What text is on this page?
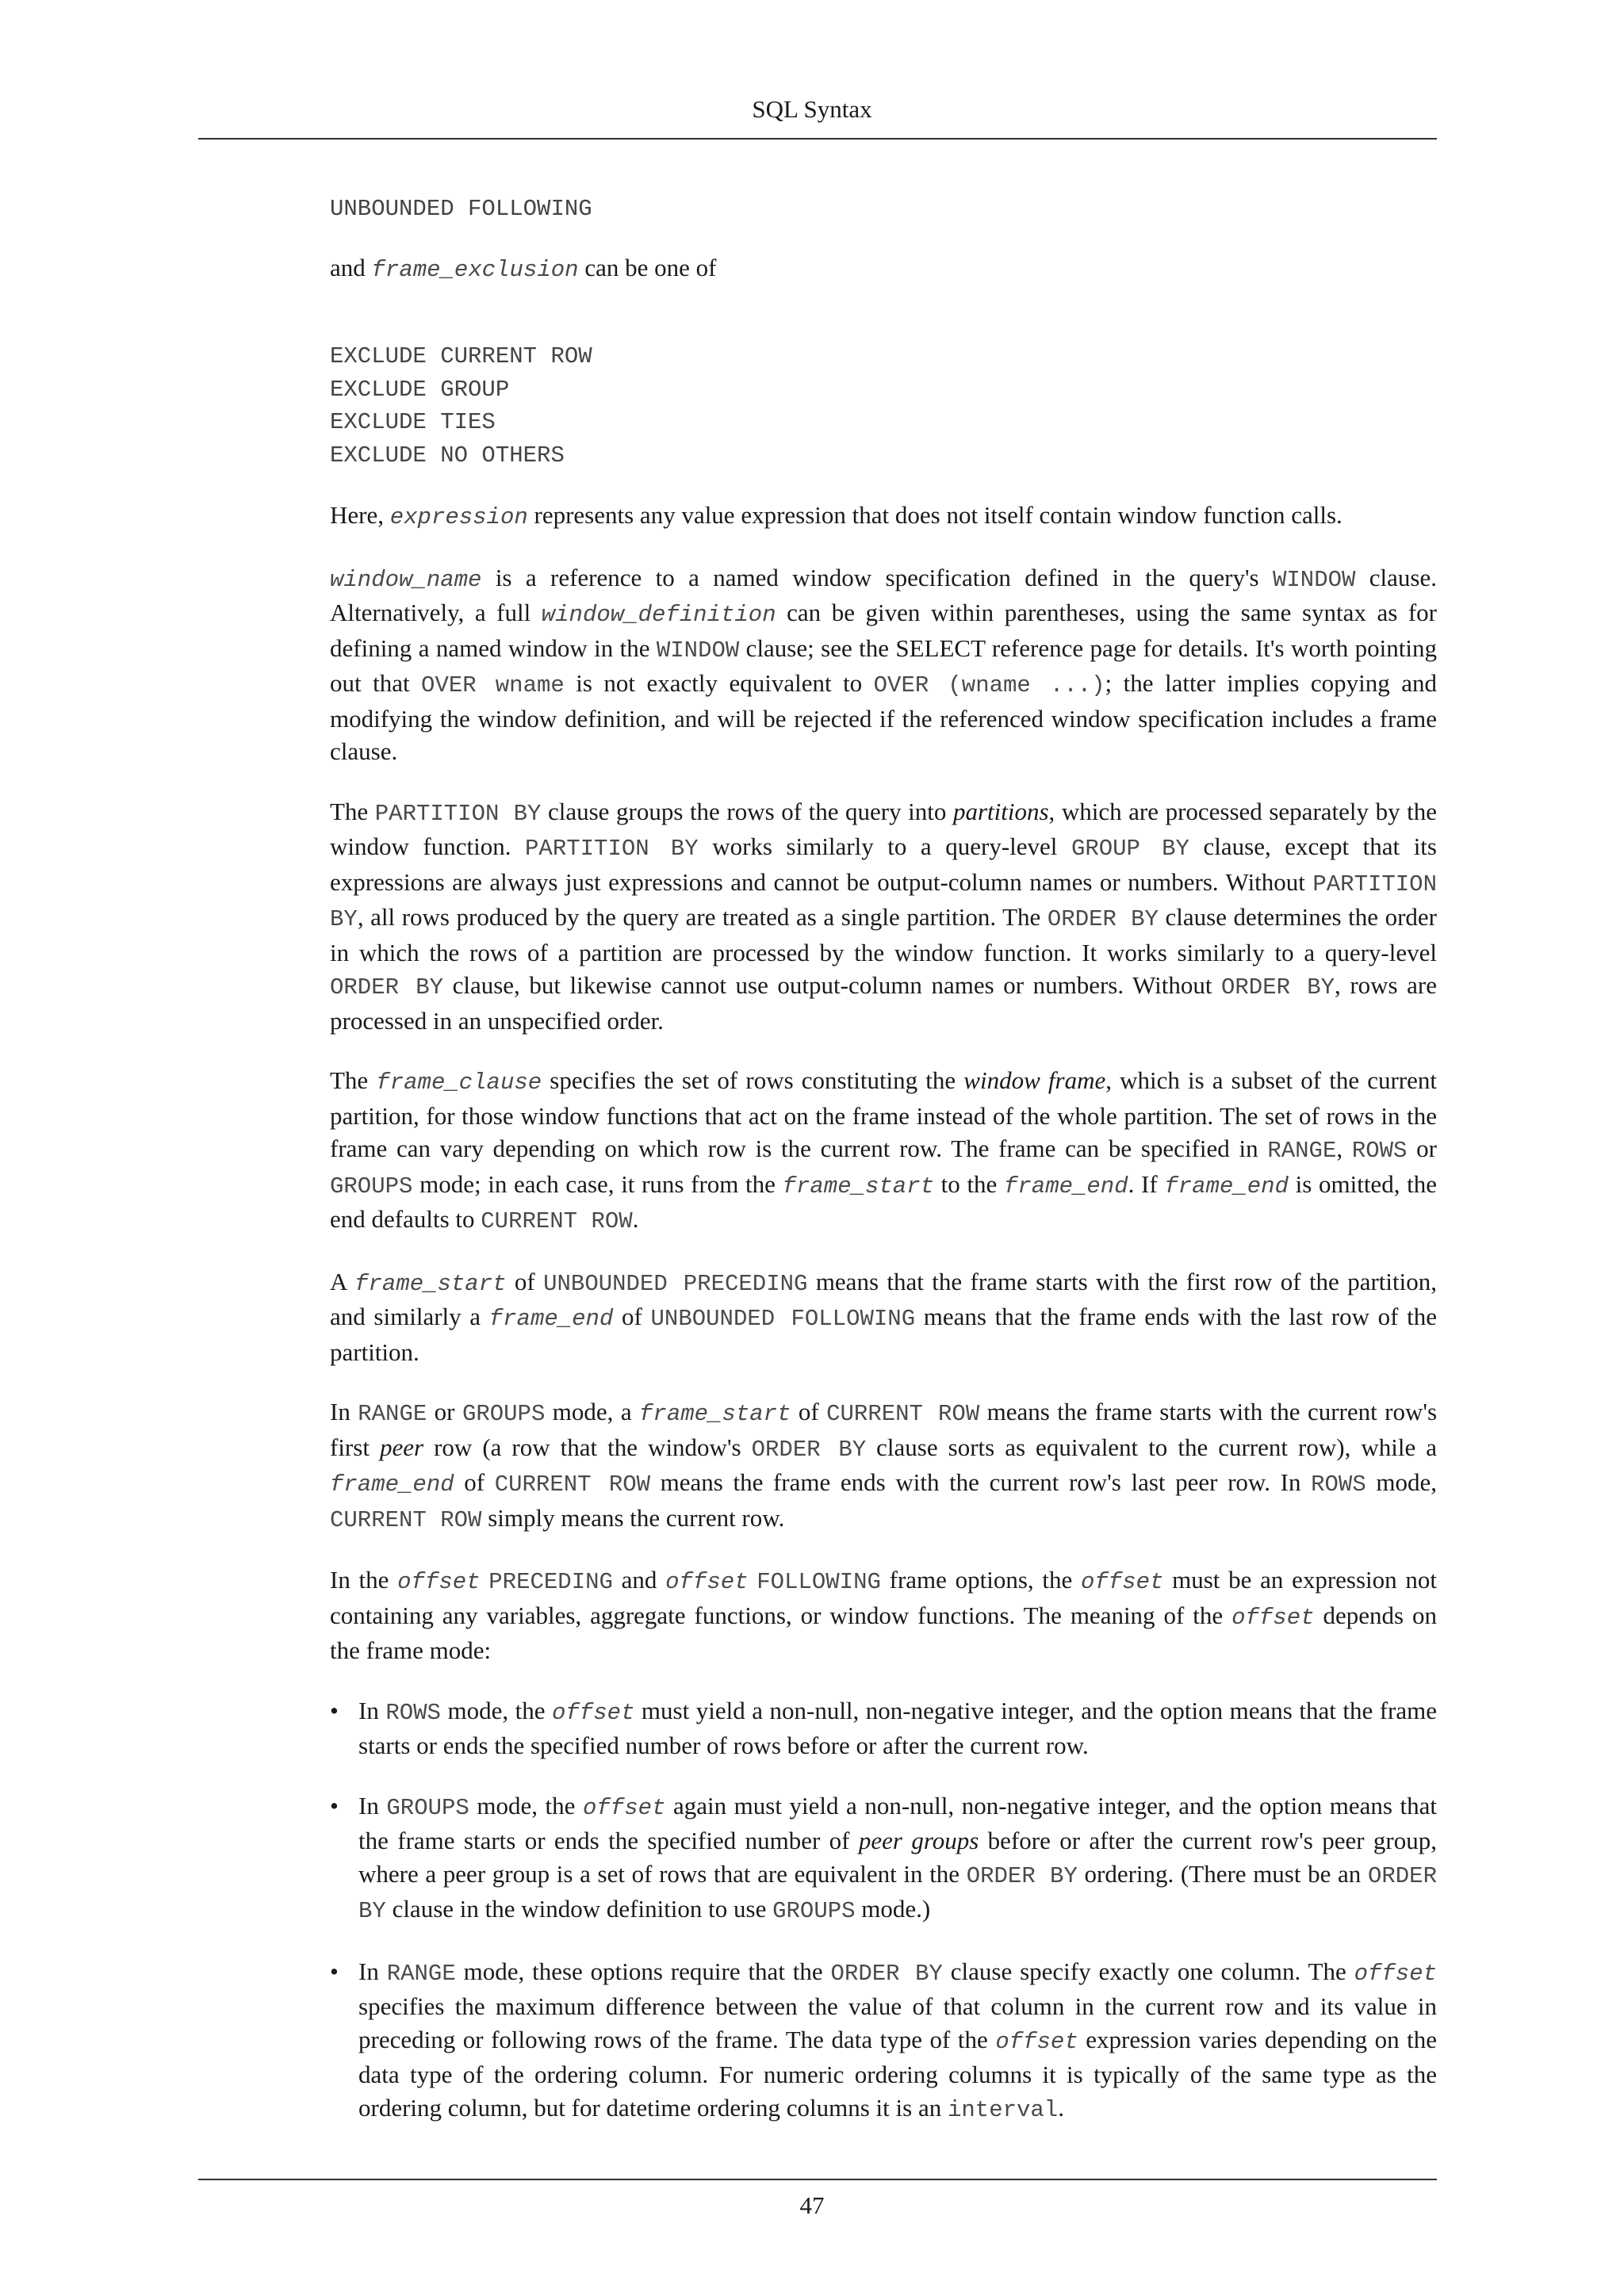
SQL Syntax
UNBOUNDED FOLLOWING

and frame_exclusion can be one of

EXCLUDE CURRENT ROW
EXCLUDE GROUP
EXCLUDE TIES
EXCLUDE NO OTHERS

Here, expression represents any value expression that does not itself contain window function calls.

window_name is a reference to a named window specification defined in the query's WINDOW clause. Alternatively, a full window_definition can be given within parentheses, using the same syntax as for defining a named window in the WINDOW clause; see the SELECT reference page for details. It's worth pointing out that OVER wname is not exactly equivalent to OVER (wname ...); the latter implies copying and modifying the window definition, and will be rejected if the referenced window specification includes a frame clause.

The PARTITION BY clause groups the rows of the query into partitions, which are processed separately by the window function. PARTITION BY works similarly to a query-level GROUP BY clause, except that its expressions are always just expressions and cannot be output-column names or numbers. Without PARTITION BY, all rows produced by the query are treated as a single partition. The ORDER BY clause determines the order in which the rows of a partition are processed by the window function. It works similarly to a query-level ORDER BY clause, but likewise cannot use output-column names or numbers. Without ORDER BY, rows are processed in an unspecified order.

The frame_clause specifies the set of rows constituting the window frame, which is a subset of the current partition, for those window functions that act on the frame instead of the whole partition. The set of rows in the frame can vary depending on which row is the current row. The frame can be specified in RANGE, ROWS or GROUPS mode; in each case, it runs from the frame_start to the frame_end. If frame_end is omitted, the end defaults to CURRENT ROW.

A frame_start of UNBOUNDED PRECEDING means that the frame starts with the first row of the partition, and similarly a frame_end of UNBOUNDED FOLLOWING means that the frame ends with the last row of the partition.

In RANGE or GROUPS mode, a frame_start of CURRENT ROW means the frame starts with the current row's first peer row (a row that the window's ORDER BY clause sorts as equivalent to the current row), while a frame_end of CURRENT ROW means the frame ends with the current row's last peer row. In ROWS mode, CURRENT ROW simply means the current row.

In the offset PRECEDING and offset FOLLOWING frame options, the offset must be an expression not containing any variables, aggregate functions, or window functions. The meaning of the offset depends on the frame mode:

• In ROWS mode, the offset must yield a non-null, non-negative integer, and the option means that the frame starts or ends the specified number of rows before or after the current row.
• In GROUPS mode, the offset again must yield a non-null, non-negative integer, and the option means that the frame starts or ends the specified number of peer groups before or after the current row's peer group, where a peer group is a set of rows that are equivalent in the ORDER BY ordering. (There must be an ORDER BY clause in the window definition to use GROUPS mode.)
• In RANGE mode, these options require that the ORDER BY clause specify exactly one column. The offset specifies the maximum difference between the value of that column in the current row and its value in preceding or following rows of the frame. The data type of the offset expression varies depending on the data type of the ordering column. For numeric ordering columns it is typically of the same type as the ordering column, but for datetime ordering columns it is an interval.
47
